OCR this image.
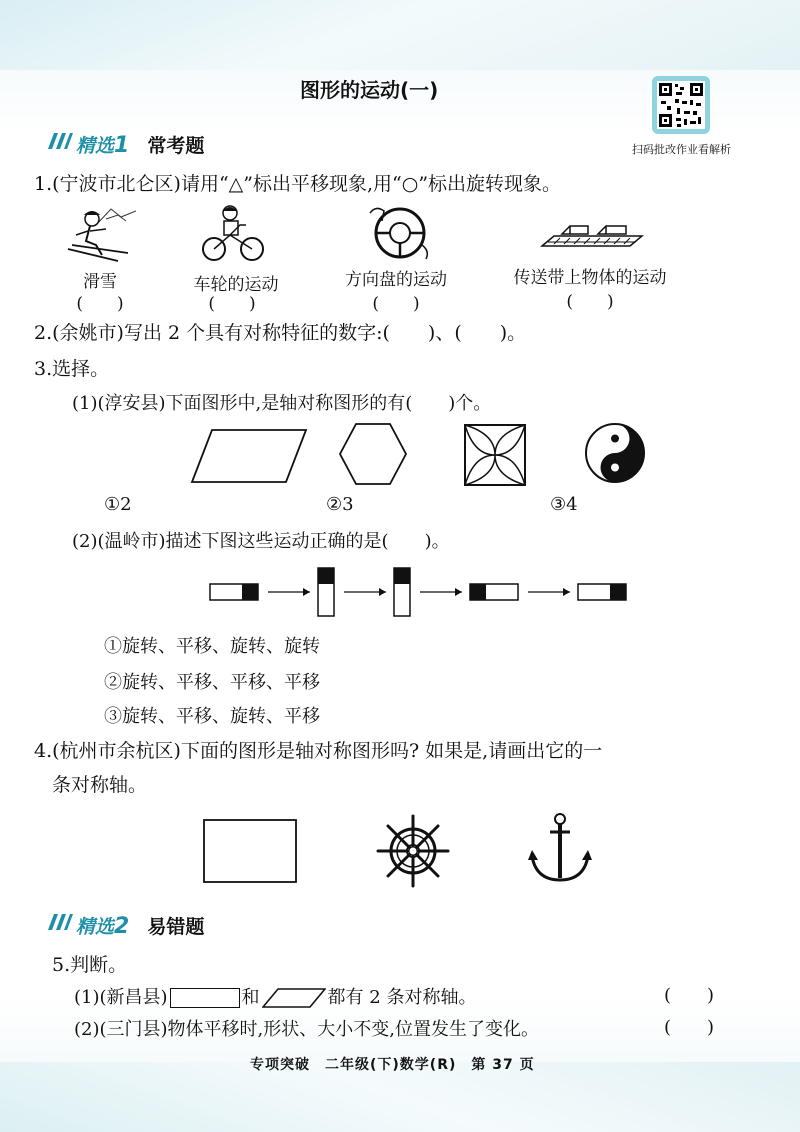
图形的运动(一)
扫码批改作业看解析
精选1 常考题
1.(宁波市北仑区)请用“△”标出平移现象,用“○”标出旋转现象。
滑雪
(　　)
车轮的运动
(　　)
方向盘的运动
(　　)
传送带上物体的运动
(　　)
2.(余姚市)写出 2 个具有对称特征的数字:(　　)、(　　)。
3.选择。
(1)(淳安县)下面图形中,是轴对称图形的有(　　)个。
①2	②3	③4
(2)(温岭市)描述下图这些运动正确的是(　　)。
①旋转、平移、旋转、旋转
②旋转、平移、平移、平移
③旋转、平移、旋转、平移
4.(杭州市余杭区)下面的图形是轴对称图形吗? 如果是,请画出它的一
条对称轴。
精选2 易错题
5.判断。
(1)(新昌县)	和	都有 2 条对称轴。	(　　)
(2)(三门县)物体平移时,形状、大小不变,位置发生了变化。	(　　)
专项突破　二年级(下)数学(R)　第 37 页
